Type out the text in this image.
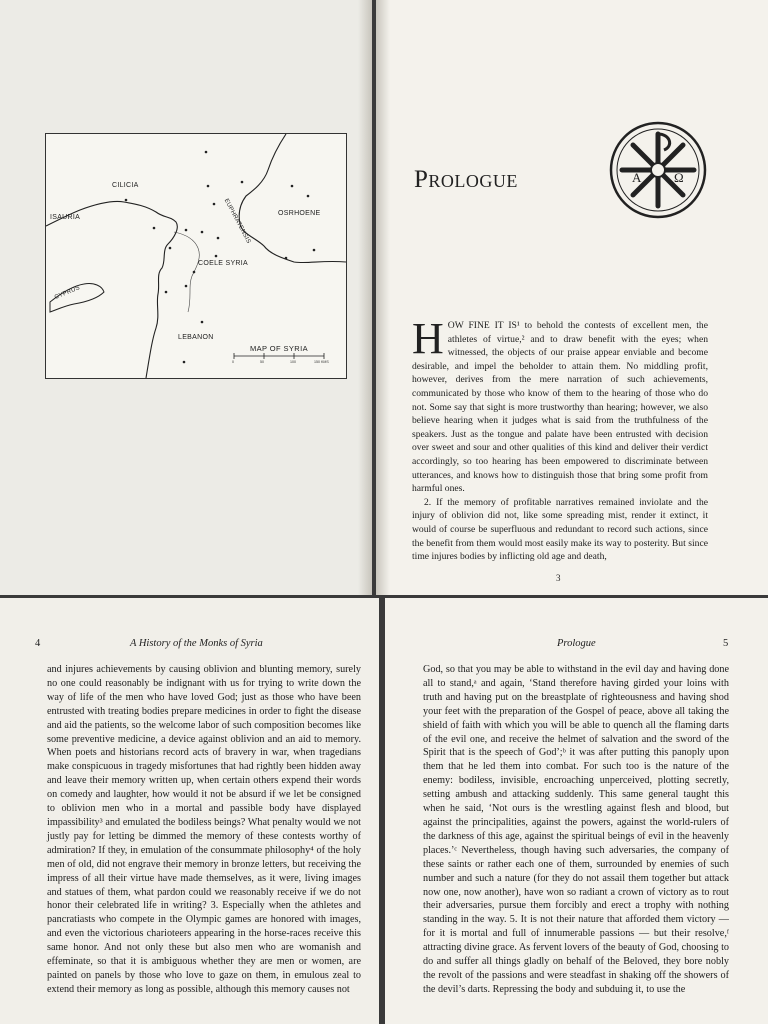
CILICIA
ISAURIA
CYPRUS
COELE SYRIA
OSRHOENE
LEBANON
EUPHRATENSIS
MAP OF SYRIA
0	50	100	150 KMS
Prologue	A	Ω
H OW FINE IT IS¹ to behold the contests of excellent men, the athletes of virtue,² and to draw benefit with the eyes; when witnessed, the objects of our praise appear enviable and become desirable, and impel the beholder to attain them. No middling profit, however, derives from the mere narration of such achievements, communicated by those who know of them to the hearing of those who do not. Some say that sight is more trustworthy than hearing; however, we also believe hearing when it judges what is said from the truthfulness of the speakers. Just as the tongue and palate have been entrusted with decision over sweet and sour and other qualities of this kind and deliver their verdict accordingly, so too hearing has been empowered to discriminate between utterances, and knows how to distinguish those that bring some profit from harmful ones.

2. If the memory of profitable narratives remained inviolate and the injury of oblivion did not, like some spreading mist, render it extinct, it would of course be superfluous and redundant to record such actions, since the benefit from them would most easily make its way to posterity. But since time injures bodies by inflicting old age and death,

3
4	A History of the Monks of Syria
and injures achievements by causing oblivion and blunting memory, surely no one could reasonably be indignant with us for trying to write down the way of life of the men who have loved God; just as those who have been entrusted with treating bodies prepare medicines in order to fight the disease and aid the patients, so the welcome labor of such composition becomes like some preventive medicine, a device against oblivion and an aid to memory. When poets and historians record acts of bravery in war, when tragedians make conspicuous in tragedy misfortunes that had rightly been hidden away and leave their memory written up, when certain others expend their words on comedy and laughter, how would it not be absurd if we let be consigned to oblivion men who in a mortal and passible body have displayed impassibility³ and emulated the bodiless beings? What penalty would we not justly pay for letting be dimmed the memory of these contests worthy of admiration? If they, in emulation of the consummate philosophy⁴ of the holy men of old, did not engrave their memory in bronze letters, but receiving the impress of all their virtue have made themselves, as it were, living images and statues of them, what pardon could we reasonably receive if we do not honor their celebrated life in writing? 3. Especially when the athletes and pancratiasts who compete in the Olympic games are honored with images, and even the victorious charioteers appearing in the horse-races receive this same honor. And not only these but also men who are womanish and effeminate, so that it is ambiguous whether they are men or women, are painted on panels by those who love to gaze on them, in emulous zeal to extend their memory as long as possible, although this memory causes not
Prologue	5
God, so that you may be able to withstand in the evil day and having done all to stand,ᵃ and again, ‘Stand therefore having girded your loins with truth and having put on the breastplate of righteousness and having shod your feet with the preparation of the Gospel of peace, above all taking the shield of faith with which you will be able to quench all the flaming darts of the evil one, and receive the helmet of salvation and the sword of the Spirit that is the speech of God’;ᵇ it was after putting this panoply upon them that he led them into combat. For such too is the nature of the enemy: bodiless, invisible, encroaching unperceived, plotting secretly, setting ambush and attacking suddenly. This same general taught this when he said, ‘Not ours is the wrestling against flesh and blood, but against the principalities, against the powers, against the world-rulers of the darkness of this age, against the spiritual beings of evil in the heavenly places.’ᶜ Nevertheless, though having such adversaries, the company of these saints or rather each one of them, surrounded by enemies of such number and such a nature (for they do not assail them together but attack now one, now another), have won so radiant a crown of victory as to rout their adversaries, pursue them forcibly and erect a trophy with nothing standing in the way. 5. It is not their nature that afforded them victory — for it is mortal and full of innumerable passions — but their resolve,ᶠ attracting divine grace. As fervent lovers of the beauty of God, choosing to do and suffer all things gladly on behalf of the Beloved, they bore nobly the revolt of the passions and were steadfast in shaking off the showers of the devil’s darts. Repressing the body and subduing it, to use the
